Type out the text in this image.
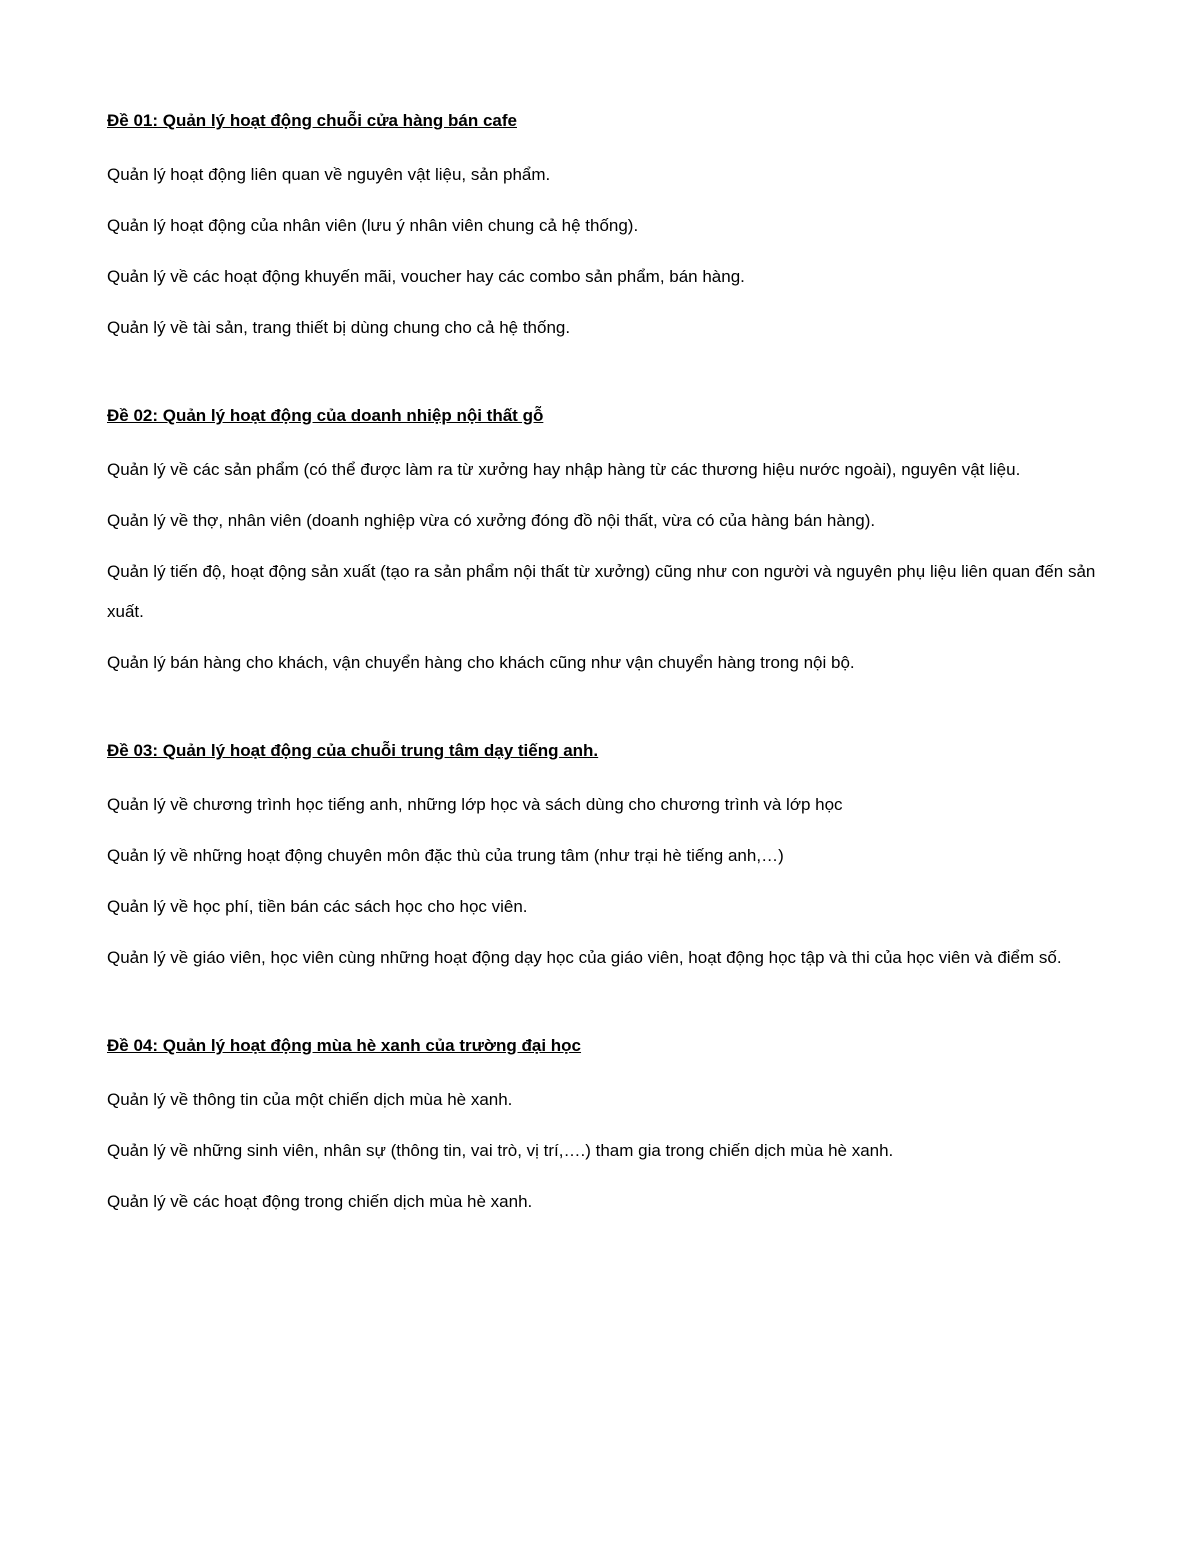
Đề 01: Quản lý hoạt động chuỗi cửa hàng bán cafe

Quản lý hoạt động liên quan về nguyên vật liệu, sản phẩm.

Quản lý hoạt động của nhân viên (lưu ý nhân viên chung cả hệ thống).

Quản lý về các hoạt động khuyến mãi, voucher hay các combo sản phẩm, bán hàng.

Quản lý về tài sản, trang thiết bị dùng chung cho cả hệ thống.

Đề 02: Quản lý hoạt động của doanh nhiệp nội thất gỗ

Quản lý về các sản phẩm (có thể được làm ra từ xưởng hay nhập hàng từ các thương hiệu nước ngoài), nguyên vật liệu.

Quản lý về thợ, nhân viên (doanh nghiệp vừa có xưởng đóng đồ nội thất, vừa có của hàng bán hàng).

Quản lý tiến độ, hoạt động sản xuất (tạo ra sản phẩm nội thất từ xưởng) cũng như con người và nguyên phụ liệu liên quan đến sản xuất.

Quản lý bán hàng cho khách, vận chuyển hàng cho khách cũng như vận chuyển hàng trong nội bộ.

Đề 03: Quản lý hoạt động của chuỗi trung tâm dạy tiếng anh.

Quản lý về chương trình học tiếng anh, những lớp học và sách dùng cho chương trình và lớp học

Quản lý về những hoạt động chuyên môn đặc thù của trung tâm (như trại hè tiếng anh,…)

Quản lý về học phí, tiền bán các sách học cho học viên.

Quản lý về giáo viên, học viên cùng những hoạt động dạy học của giáo viên, hoạt động học tập và thi của học viên và điểm số.

Đề 04: Quản lý hoạt động mùa hè xanh của trường đại học

Quản lý về thông tin của một chiến dịch mùa hè xanh.

Quản lý về những sinh viên, nhân sự (thông tin, vai trò, vị trí,….) tham gia trong chiến dịch mùa hè xanh.

Quản lý về các hoạt động trong chiến dịch mùa hè xanh.
